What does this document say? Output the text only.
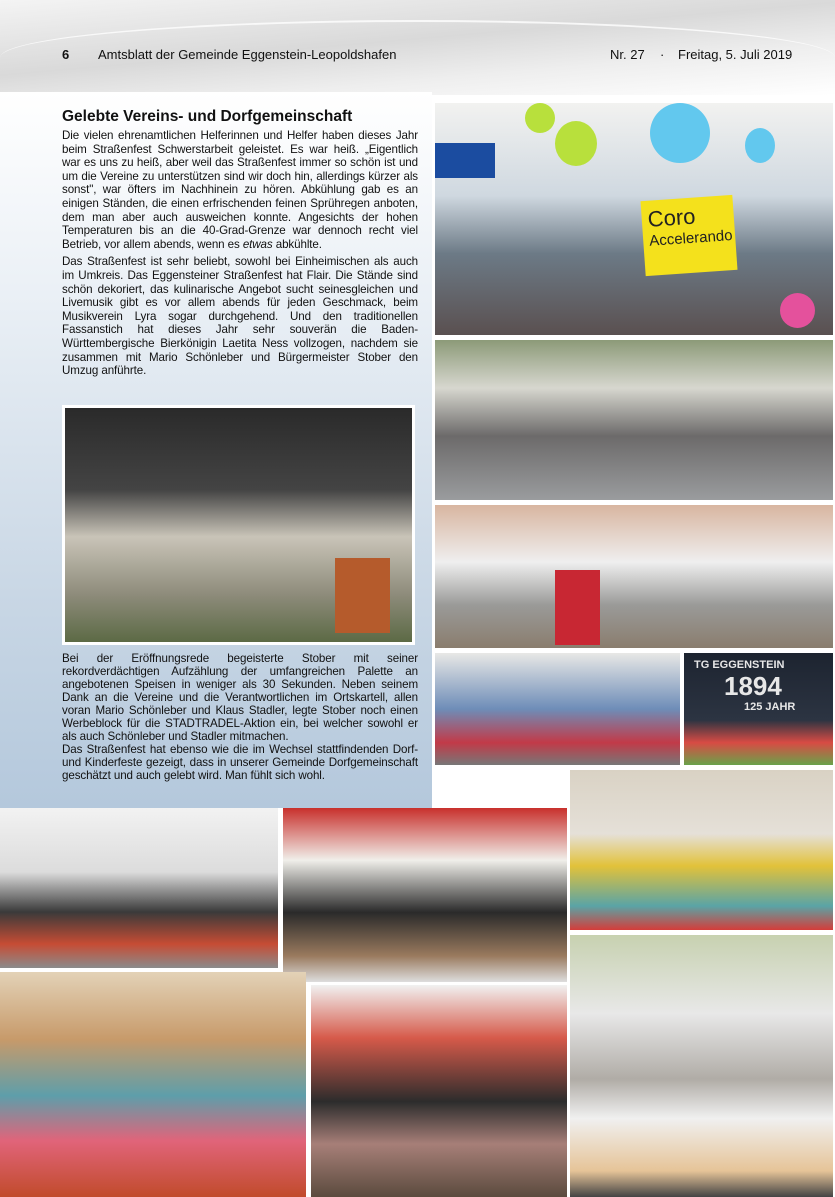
6 Amtsblatt der Gemeinde Eggenstein-Leopoldshafen	Nr. 27 · Freitag, 5. Juli 2019
Gelebte Vereins- und Dorfgemeinschaft
Die vielen ehrenamtlichen Helferinnen und Helfer haben dieses Jahr beim Straßenfest Schwerstarbeit geleistet. Es war heiß. „Eigentlich war es uns zu heiß, aber weil das Straßenfest immer so schön ist und um die Vereine zu unterstützen sind wir doch hin, allerdings kürzer als sonst", war öfters im Nachhinein zu hören. Abkühlung gab es an einigen Ständen, die einen erfrischenden feinen Sprühregen anboten, dem man aber auch ausweichen konnte. Angesichts der hohen Temperaturen bis an die 40-Grad-Grenze war dennoch recht viel Betrieb, vor allem abends, wenn es etwas abkühlte.
Das Straßenfest ist sehr beliebt, sowohl bei Einheimischen als auch im Umkreis. Das Eggensteiner Straßenfest hat Flair. Die Stände sind schön dekoriert, das kulinarische Angebot sucht seinesgleichen und Livemusik gibt es vor allem abends für jeden Geschmack, beim Musikverein Lyra sogar durchgehend. Und den traditionellen Fassanstich hat dieses Jahr sehr souverän die Baden-Württembergische Bierkönigin Laetita Ness vollzogen, nachdem sie zusammen mit Mario Schönleber und Bürgermeister Stober den Umzug anführte.
Bei der Eröffnungsrede begeisterte Stober mit seiner rekordverdächtigen Aufzählung der umfangreichen Palette an angebotenen Speisen in weniger als 30 Sekunden. Neben seinem Dank an die Vereine und die Verantwortlichen im Ortskartell, allen voran Mario Schönleber und Klaus Stadler, legte Stober noch einen Werbeblock für die STADTRADEL-Aktion ein, bei welcher sowohl er als auch Schönleber und Stadler mitmachen.
Das Straßenfest hat ebenso wie die im Wechsel stattfindenden Dorf- und Kinderfeste gezeigt, dass in unserer Gemeinde Dorfgemeinschaft geschätzt und auch gelebt wird. Man fühlt sich wohl.
Coro
Accelerando
TG EGGENSTEIN
1894
125 JAHR
